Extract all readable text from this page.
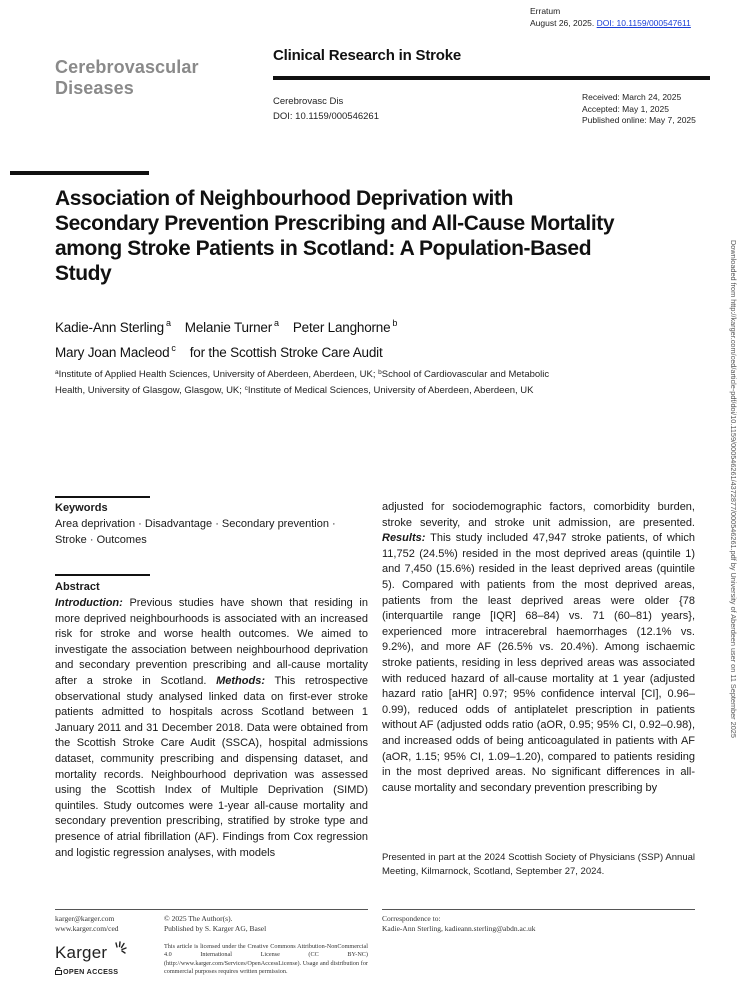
Erratum
August 26, 2025. DOI: 10.1159/000547611
Cerebrovascular
Diseases
Clinical Research in Stroke
Cerebrovasc Dis
DOI: 10.1159/000546261
Received: March 24, 2025
Accepted: May 1, 2025
Published online: May 7, 2025
Association of Neighbourhood Deprivation with Secondary Prevention Prescribing and All-Cause Mortality among Stroke Patients in Scotland: A Population-Based Study
Kadie-Ann Sterling $^a$ Melanie Turner $^a$ Peter Langhorne $^b$
Mary Joan Macleod $^c$ for the Scottish Stroke Care Audit
$^a$Institute of Applied Health Sciences, University of Aberdeen, Aberdeen, UK; $^b$School of Cardiovascular and Metabolic Health, University of Glasgow, Glasgow, UK; $^c$Institute of Medical Sciences, University of Aberdeen, Aberdeen, UK
Keywords
Area deprivation · Disadvantage · Secondary prevention · Stroke · Outcomes
Abstract
Introduction: Previous studies have shown that residing in more deprived neighbourhoods is associated with an increased risk for stroke and worse health outcomes. We aimed to investigate the association between neighbourhood deprivation and secondary prevention prescribing and all-cause mortality after a stroke in Scotland. Methods: This retrospective observational study analysed linked data on first-ever stroke patients admitted to hospitals across Scotland between 1 January 2011 and 31 December 2018. Data were obtained from the Scottish Stroke Care Audit (SSCA), hospital admissions dataset, community prescribing and dispensing dataset, and mortality records. Neighbourhood deprivation was assessed using the Scottish Index of Multiple Deprivation (SIMD) quintiles. Study outcomes were 1-year all-cause mortality and secondary prevention prescribing, stratified by stroke type and presence of atrial fibrillation (AF). Findings from Cox regression and logistic regression analyses, with models
adjusted for sociodemographic factors, comorbidity burden, stroke severity, and stroke unit admission, are presented. Results: This study included 47,947 stroke patients, of which 11,752 (24.5%) resided in the most deprived areas (quintile 1) and 7,450 (15.6%) resided in the least deprived areas (quintile 5). Compared with patients from the most deprived areas, patients from the least deprived areas were older {78 (interquartile range [IQR] 68–84) vs. 71 (60–81) years}, experienced more intracerebral haemorrhages (12.1% vs. 9.2%), and more AF (26.5% vs. 20.4%). Among ischaemic stroke patients, residing in less deprived areas was associated with reduced hazard of all-cause mortality at 1 year (adjusted hazard ratio [aHR] 0.97; 95% confidence interval [CI], 0.96–0.99), reduced odds of antiplatelet prescription in patients without AF (adjusted odds ratio (aOR, 0.95; 95% CI, 0.92–0.98), and increased odds of being anticoagulated in patients with AF (aOR, 1.15; 95% CI, 1.09–1.20), compared to patients residing in the most deprived areas. No significant differences in all-cause mortality and secondary prevention prescribing by
Presented in part at the 2024 Scottish Society of Physicians (SSP) Annual Meeting, Kilmarnock, Scotland, September 27, 2024.
karger@karger.com
www.karger.com/ced
© 2025 The Author(s).
Published by S. Karger AG, Basel
This article is licensed under the Creative Commons Attribution-NonCommercial 4.0 International License (CC BY-NC) (http://www.karger.com/Services/OpenAccessLicense). Usage and distribution for commercial purposes requires written permission.
Karger
OPEN ACCESS
Correspondence to:
Kadie-Ann Sterling, kadieann.sterling@abdn.ac.uk
Downloaded from http://karger.com/ced/article-pdf/doi/10.1159/000546261/4372877/000546261.pdf by University of Aberdeen user on 11 September 2025
